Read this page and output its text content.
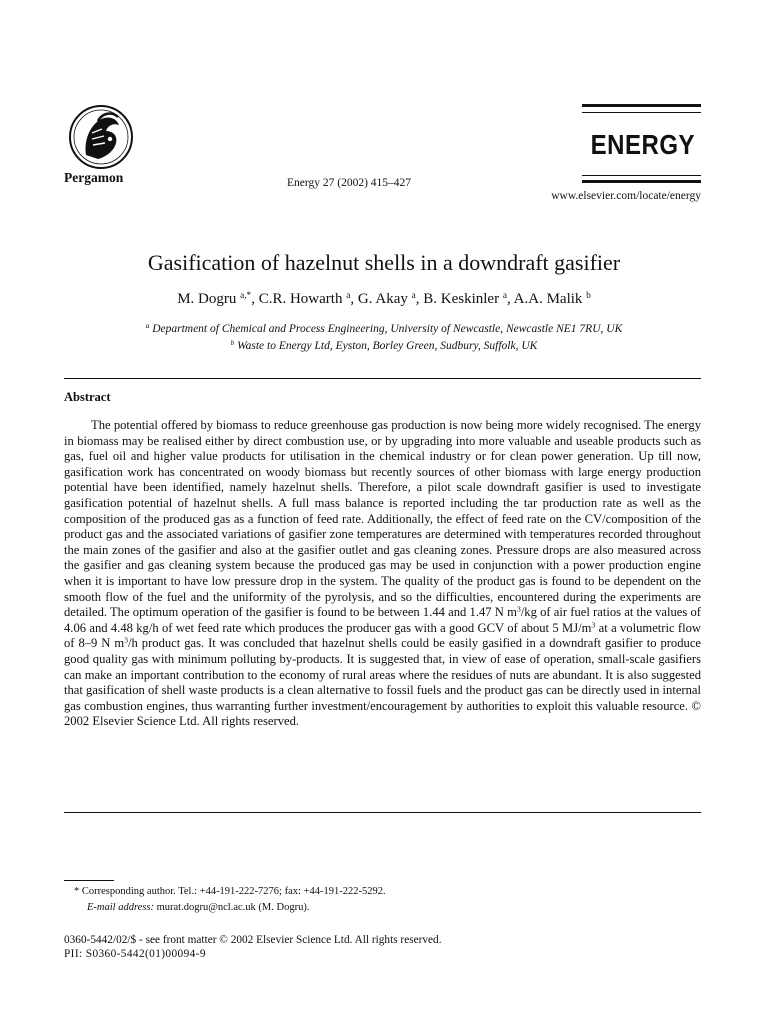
Pergamon	Energy 27 (2002) 415–427
ENERGY
www.elsevier.com/locate/energy
Gasification of hazelnut shells in a downdraft gasifier
M. Dogru $^{a,*}$, C.R. Howarth $^a$, G. Akay $^a$, B. Keskinler $^a$, A.A. Malik $^b$
$^a$ Department of Chemical and Process Engineering, University of Newcastle, Newcastle NE1 7RU, UK
$^b$ Waste to Energy Ltd, Eyston, Borley Green, Sudbury, Suffolk, UK
Abstract
The potential offered by biomass to reduce greenhouse gas production is now being more widely recognised. The energy in biomass may be realised either by direct combustion use, or by upgrading into more valuable and useable products such as gas, fuel oil and higher value products for utilisation in the chemical industry or for clean power generation. Up till now, gasification work has concentrated on woody biomass but recently sources of other biomass with large energy production potential have been identified, namely hazelnut shells. Therefore, a pilot scale downdraft gasifier is used to investigate gasification potential of hazelnut shells. A full mass balance is reported including the tar production rate as well as the composition of the produced gas as a function of feed rate. Additionally, the effect of feed rate on the CV/composition of the product gas and the associated variations of gasifier zone temperatures are determined with temperatures recorded throughout the main zones of the gasifier and also at the gasifier outlet and gas cleaning zones. Pressure drops are also measured across the gasifier and gas cleaning system because the produced gas may be used in conjunction with a power production engine when it is important to have low pressure drop in the system. The quality of the product gas is found to be dependent on the smooth flow of the fuel and the uniformity of the pyrolysis, and so the difficulties, encountered during the experiments are detailed. The optimum operation of the gasifier is found to be between 1.44 and 1.47 N $m^3/kg$ of air fuel ratios at the values of 4.06 and 4.48 kg/h of wet feed rate which produces the producer gas with a good GCV of about 5 $MJ/m^3$ at a volumetric flow of 8–9 N $m^3/h$ product gas. It was concluded that hazelnut shells could be easily gasified in a downdraft gasifier to produce good quality gas with minimum polluting by-products. It is suggested that, in view of ease of operation, small-scale gasifiers can make an important contribution to the economy of rural areas where the residues of nuts are abundant. It is also suggested that gasification of shell waste products is a clean alternative to fossil fuels and the product gas can be directly used in internal gas combustion engines, thus warranting further investment/encouragement by authorities to exploit this valuable resource. © 2002 Elsevier Science Ltd. All rights reserved.
* Corresponding author. Tel.: +44-191-222-7276; fax: +44-191-222-5292.
E-mail address: murat.dogru@ncl.ac.uk (M. Dogru).
0360-5442/02/$ - see front matter © 2002 Elsevier Science Ltd. All rights reserved.
PII: S0360-5442(01)00094-9
